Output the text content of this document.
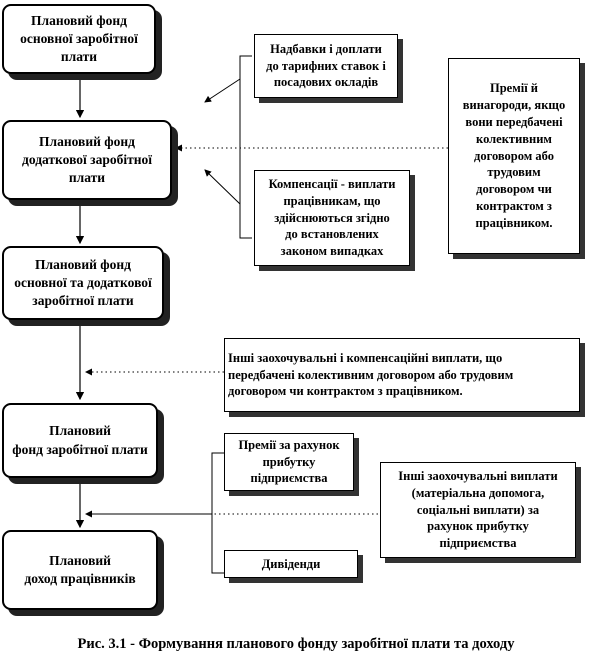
Плановий фонд
основної заробітної
плати
Плановий фонд
додаткової заробітної
плати
Плановий фонд
основної та додаткової
заробітної плати
Плановий
фонд заробітної плати
Плановий
доход працівників
Надбавки і доплати
до тарифних ставок і
посадових окладів
Компенсації - виплати
працівникам, що
здійснюються згідно
до встановлених
законом випадках
Премії й
винагороди, якщо
вони передбачені
колективним
договором або
трудовим
договором чи
контрактом з
працівником.
Інші заохочувальні і компенсаційні виплати, що
передбачені колективним договором або трудовим
договором чи контрактом з працівником.
Премії за рахунок
прибутку
підприємства	Інші заохочувальні виплати
(матеріальна допомога,
соціальні виплати) за
рахунок прибутку
підприємства
Дивіденди
Рис. 3.1 - Формування планового фонду заробітної плати та доходу
